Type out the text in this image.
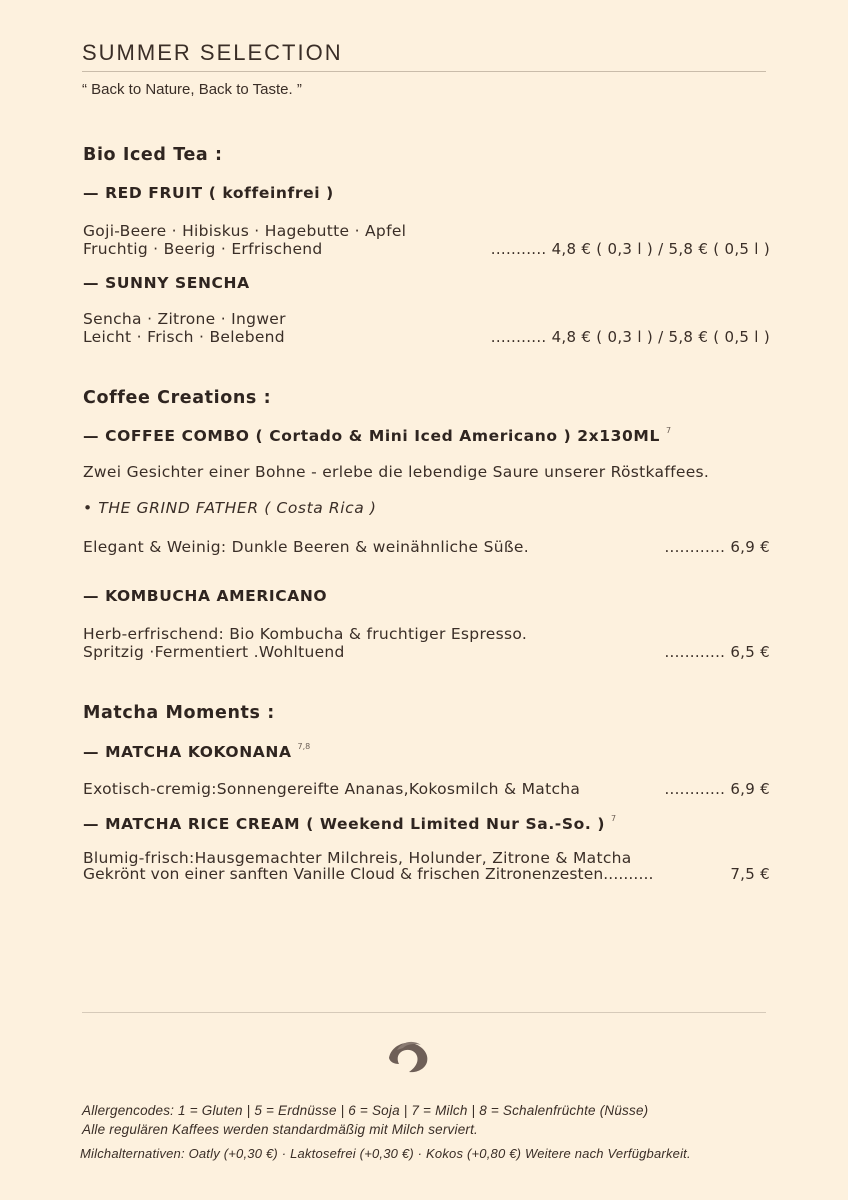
SUMMER SELECTION
“ Back to Nature, Back to Taste. ”
Bio Iced Tea :
— RED FRUIT ( koffeinfrei )
Goji-Beere · Hibiskus · Hagebutte · Apfel
Fruchtig · Beerig · Erfrischend	........... 4,8 € ( 0,3 l ) / 5,8 € ( 0,5 l )
— SUNNY SENCHA
Sencha · Zitrone · Ingwer
Leicht · Frisch · Belebend	........... 4,8 € ( 0,3 l ) / 5,8 € ( 0,5 l )
Coffee Creations :
— COFFEE COMBO ( Cortado & Mini Iced Americano ) 2x130ML $^7$
Zwei Gesichter einer Bohne - erlebe die lebendige Saure unserer Röstkaffees.
• THE GRIND FATHER ( Costa Rica )
Elegant & Weinig: Dunkle Beeren & weinähnliche Süße.	............ 6,9 €
— KOMBUCHA AMERICANO
Herb-erfrischend: Bio Kombucha & fruchtiger Espresso.
Spritzig ·Fermentiert .Wohltuend	............ 6,5 €
Matcha Moments :
— MATCHA KOKONANA $^{7,8}$
Exotisch-cremig:Sonnengereifte Ananas,Kokosmilch & Matcha	............ 6,9 €
— MATCHA RICE CREAM ( Weekend Limited Nur Sa.-So. ) $^7$
Blumig-frisch:Hausgemachter Milchreis, Holunder, Zitrone & Matcha
Gekrönt von einer sanften Vanille Cloud & frischen Zitronenzesten..........	7,5 €
Allergencodes: 1 = Gluten | 5 = Erdnüsse | 6 = Soja | 7 = Milch | 8 = Schalenfrüchte (Nüsse)
Alle regulären Kaffees werden standardmäßig mit Milch serviert.
Milchalternativen: Oatly (+0,30 €) · Laktosefrei (+0,30 €) · Kokos (+0,80 €) Weitere nach Verfügbarkeit.
